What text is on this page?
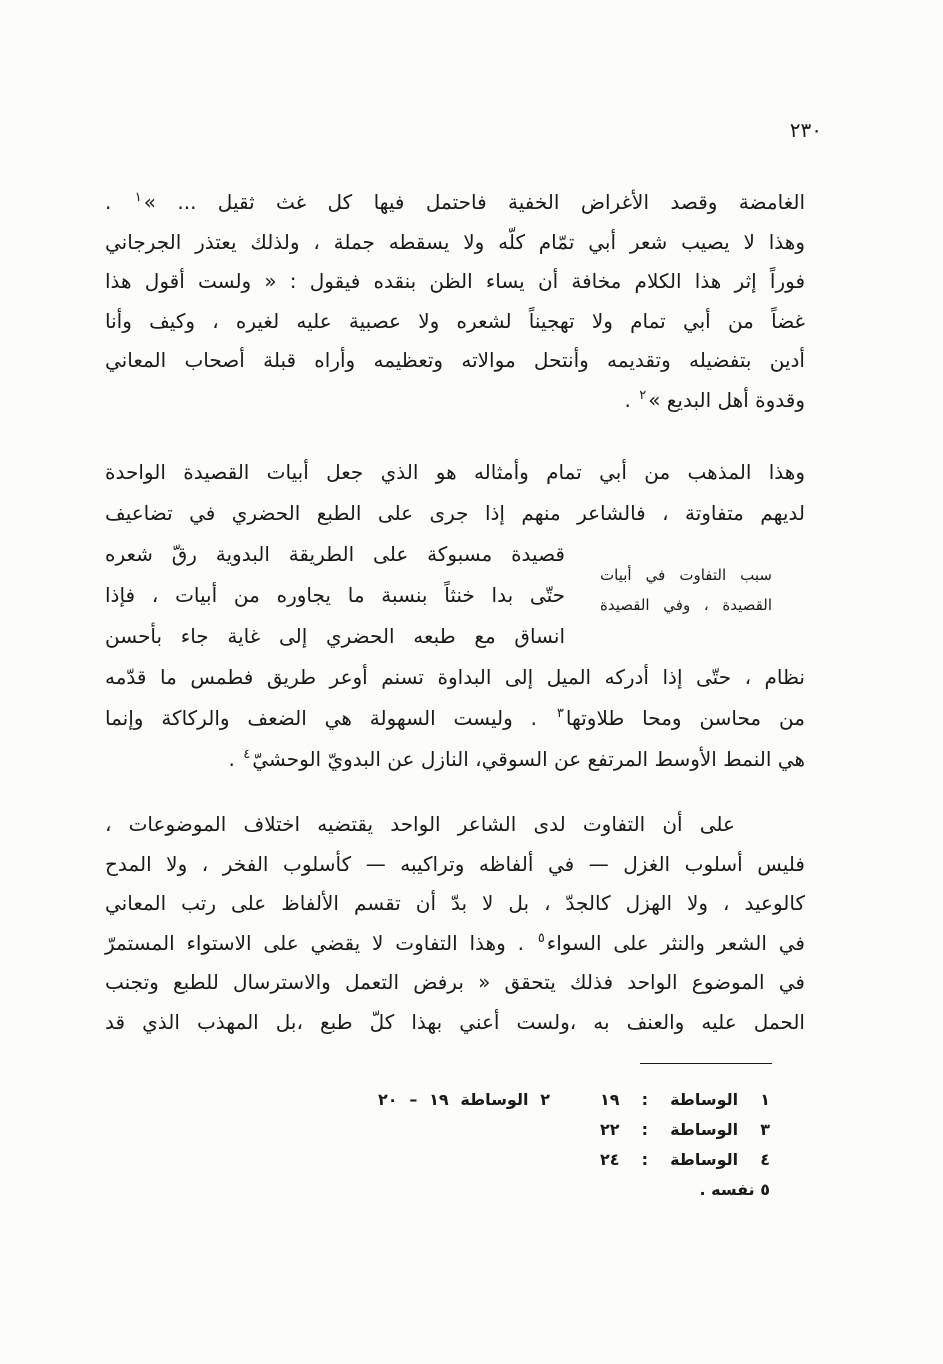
٢٣٠
الغامضة وقصد الأغراض الخفية فاحتمل فيها كل غث ثقيل ... »$^١$ .
وهذا لا يصيب شعر أبي تمّام كلّه ولا يسقطه جملة ، ولذلك يعتذر الجرجاني
فوراً إثر هذا الكلام مخافة أن يساء الظن بنقده فيقول : « ولست أقول هذا
غضاً من أبي تمام ولا تهجيناً لشعره ولا عصبية عليه لغيره ، وكيف وأنا
أدين بتفضيله وتقديمه وأنتحل موالاته وتعظيمه وأراه قبلة أصحاب المعاني
وقدوة أهل البديع »$^٢$ .
وهذا المذهب من أبي تمام وأمثاله هو الذي جعل أبيات القصيدة الواحدة
لديهم متفاوتة ، فالشاعر منهم إذا جرى على الطبع الحضري في تضاعيف
قصيدة مسبوكة على الطريقة البدوية رقّ شعره
حتّى بدا خنثاً بنسبة ما يجاوره من أبيات ، فإذا
انساق مع طبعه الحضري إلى غاية جاء بأحسن
نظام ، حتّى إذا أدركه الميل إلى البداوة تسنم أوعر طريق فطمس ما قدّمه
من محاسن ومحا طلاوتها$^٣$ . وليست السهولة هي الضعف والركاكة وإنما
هي النمط الأوسط المرتفع عن السوقي، النازل عن البدويّ الوحشيّ$^٤$ .
سبب التفاوت في أبيات
القصيدة ، وفي القصيدة
على أن التفاوت لدى الشاعر الواحد يقتضيه اختلاف الموضوعات ،
فليس أسلوب الغزل — في ألفاظه وتراكيبه — كأسلوب الفخر ، ولا المدح
كالوعيد ، ولا الهزل كالجدّ ، بل لا بدّ أن تقسم الألفاظ على رتب المعاني
في الشعر والنثر على السواء$^٥$ . وهذا التفاوت لا يقضي على الاستواء المستمرّ
في الموضوع الواحد فذلك يتحقق « برفض التعمل والاسترسال للطبع وتجنب
الحمل عليه والعنف به ،ولست أعني بهذا كلّ طبع ،بل المهذب الذي قد
١ الوساطة : ١٩
٣ الوساطة : ٢٢
٤ الوساطة : ٢٤
٥ نفسه .
٢ الوساطة ١٩ – ٢٠
